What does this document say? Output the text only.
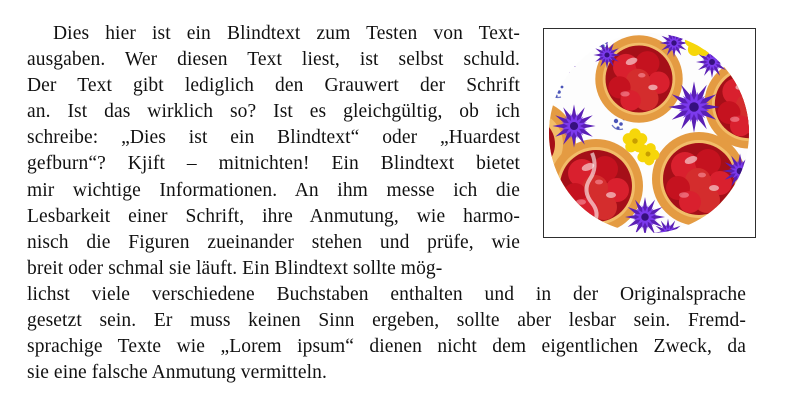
Dies hier ist ein Blindtext zum Testen von Text-
ausgaben. Wer diesen Text liest, ist selbst schuld.
Der Text gibt lediglich den Grauwert der Schrift
an. Ist das wirklich so? Ist es gleichgültig, ob ich
schreibe: „Dies ist ein Blindtext“ oder „Huardest
gefburn“? Kjift – mitnichten! Ein Blindtext bietet
mir wichtige Informationen. An ihm messe ich die
Lesbarkeit einer Schrift, ihre Anmutung, wie harmo-
nisch die Figuren zueinander stehen und prüfe, wie
breit oder schmal sie läuft. Ein Blindtext sollte mög-
lichst viele verschiedene Buchstaben enthalten und in der Originalsprache
gesetzt sein. Er muss keinen Sinn ergeben, sollte aber lesbar sein. Fremd-
sprachige Texte wie „Lorem ipsum“ dienen nicht dem eigentlichen Zweck, da
sie eine falsche Anmutung vermitteln.
